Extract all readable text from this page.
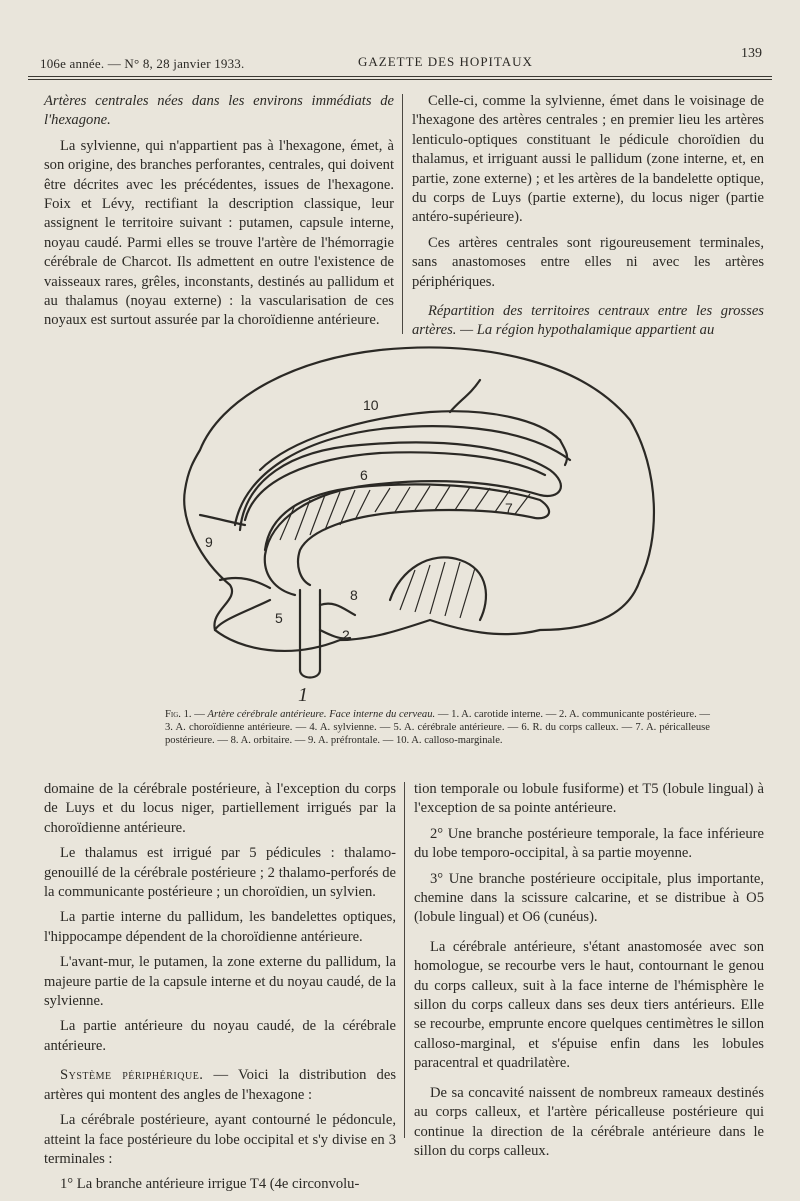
106e année. — N° 8, 28 janvier 1933.	GAZETTE DES HOPITAUX
139

Artères centrales nées dans les environs immédiats de l'hexagone.

La sylvienne, qui n'appartient pas à l'hexagone, émet, à son origine, des branches perforantes, centrales, qui doivent être décrites avec les précédentes, issues de l'hexagone. Foix et Lévy, rectifiant la description classique, leur assignent le territoire suivant : putamen, capsule interne, noyau caudé. Parmi elles se trouve l'artère de l'hémorragie cérébrale de Charcot. Ils admettent en outre l'existence de vaisseaux rares, grêles, inconstants, destinés au pallidum et au thalamus (noyau externe) : la vascularisation de ces noyaux est surtout assurée par la choroïdienne antérieure.

Celle-ci, comme la sylvienne, émet dans le voisinage de l'hexagone des artères centrales ; en premier lieu les artères lenticulo-optiques constituant le pédicule choroïdien du thalamus, et irriguant aussi le pallidum (zone interne, et, en partie, zone externe) ; et les artères de la bandelette optique, du corps de Luys (partie externe), du locus niger (partie antéro-supérieure).

Ces artères centrales sont rigoureusement terminales, sans anastomoses entre elles ni avec les artères périphériques.

Répartition des territoires centraux entre les grosses artères. — La région hypothalamique appartient au

10
6
7
9
8
5
2
1
Fig. 1. — Artère cérébrale antérieure. Face interne du cerveau. — 1. A. carotide interne. — 2. A. communicante postérieure. — 3. A. choroïdienne antérieure. — 4. A. sylvienne. — 5. A. cérébrale antérieure. — 6. R. du corps calleux. — 7. A. péricalleuse postérieure. — 8. A. orbitaire. — 9. A. préfrontale. — 10. A. calloso-marginale.

domaine de la cérébrale postérieure, à l'exception du corps de Luys et du locus niger, partiellement irrigués par la choroïdienne antérieure.

Le thalamus est irrigué par 5 pédicules : thalamo-genouillé de la cérébrale postérieure ; 2 thalamo-perforés de la communicante postérieure ; un choroïdien, un sylvien.

La partie interne du pallidum, les bandelettes optiques, l'hippocampe dépendent de la choroïdienne antérieure.

L'avant-mur, le putamen, la zone externe du pallidum, la majeure partie de la capsule interne et du noyau caudé, de la sylvienne.

La partie antérieure du noyau caudé, de la cérébrale antérieure.

Système périphérique. — Voici la distribution des artères qui montent des angles de l'hexagone :

La cérébrale postérieure, ayant contourné le pédoncule, atteint la face postérieure du lobe occipital et s'y divise en 3 terminales :

1° La branche antérieure irrigue T4 (4e circonvolu-

tion temporale ou lobule fusiforme) et T5 (lobule lingual) à l'exception de sa pointe antérieure.

2° Une branche postérieure temporale, la face inférieure du lobe temporo-occipital, à sa partie moyenne.

3° Une branche postérieure occipitale, plus importante, chemine dans la scissure calcarine, et se distribue à O5 (lobule lingual) et O6 (cunéus).

La cérébrale antérieure, s'étant anastomosée avec son homologue, se recourbe vers le haut, contournant le genou du corps calleux, suit à la face interne de l'hémisphère le sillon du corps calleux dans ses deux tiers antérieurs. Elle se recourbe, emprunte encore quelques centimètres le sillon calloso-marginal, et s'épuise enfin dans les lobules paracentral et quadrilatère.

De sa concavité naissent de nombreux rameaux destinés au corps calleux, et l'artère péricalleuse postérieure qui continue la direction de la cérébrale antérieure dans le sillon du corps calleux.
